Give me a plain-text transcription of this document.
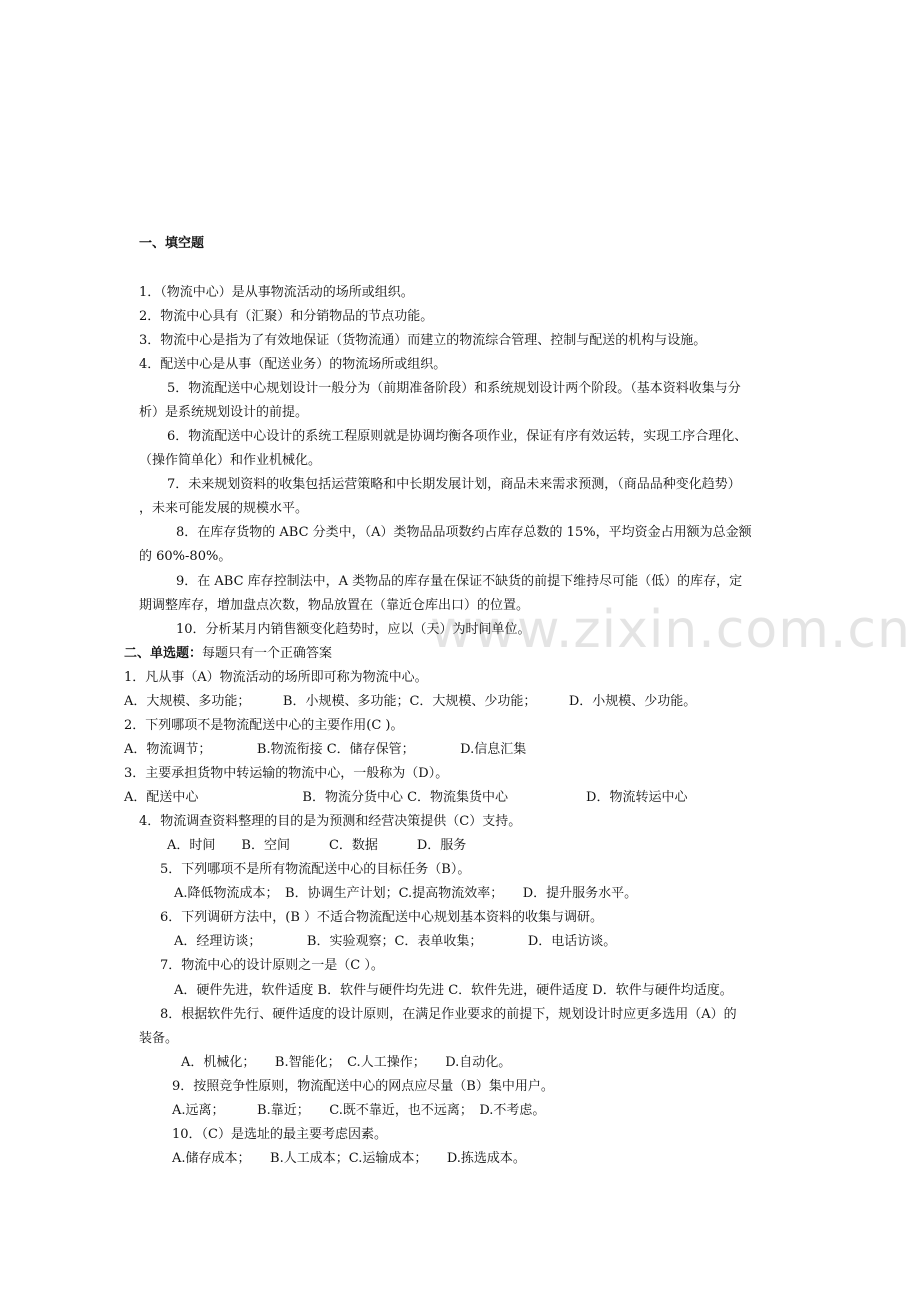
www.zixin.com.cn
一、填空题
1．（物流中心）是从事物流活动的场所或组织。
2．物流中心具有（汇聚）和分销物品的节点功能。
3．物流中心是指为了有效地保证（货物流通）而建立的物流综合管理、控制与配送的机构与设施。
4．配送中心是从事（配送业务）的物流场所或组织。
5．物流配送中心规划设计一般分为（前期准备阶段）和系统规划设计两个阶段。（基本资料收集与分
析）是系统规划设计的前提。
6．物流配送中心设计的系统工程原则就是协调均衡各项作业，保证有序有效运转，实现工序合理化、
（操作简单化）和作业机械化。
7．未来规划资料的收集包括运营策略和中长期发展计划，商品未来需求预测，（商品品种变化趋势）
，未来可能发展的规模水平。
8．在库存货物的 ABC 分类中，（A）类物品品项数约占库存总数的 15%，平均资金占用额为总金额
的 60%-80%。
9．在 ABC 库存控制法中，A 类物品的库存量在保证不缺货的前提下维持尽可能（低）的库存，定
期调整库存，增加盘点次数，物品放置在（靠近仓库出口）的位置。
10．分析某月内销售额变化趋势时，应以（天）为时间单位。
二、单选题：每题只有一个正确答案
1．凡从事（A）物流活动的场所即可称为物流中心。
A．大规模、多功能；　　　B．小规模、多功能；C．大规模、少功能；　　　D．小规模、少功能。
2．下列哪项不是物流配送中心的主要作用(C )。
A．物流调节；　　　　B.物流衔接 C．储存保管；　　　　D.信息汇集
3．主要承担货物中转运输的物流中心，一般称为（D）。
A．配送中心　　　　　　　　B．物流分货中心 C．物流集货中心　　　　　　D．物流转运中心
4．物流调查资料整理的目的是为预测和经营决策提供（C）支持。
A．时间　　B．空间　　　C．数据　　　D．服务
5．下列哪项不是所有物流配送中心的目标任务（B）。
A.降低物流成本；　B．协调生产计划；C.提高物流效率；　　D．提升服务水平。
6．下列调研方法中，(B ）不适合物流配送中心规划基本资料的收集与调研。
A．经理访谈；　　　　B．实验观察；C．表单收集；　　　　D．电话访谈。
7．物流中心的设计原则之一是（C ）。
A．硬件先进，软件适度 B．软件与硬件均先进 C．软件先进，硬件适度 D．软件与硬件均适度。
8．根据软件先行、硬件适度的设计原则，在满足作业要求的前提下，规划设计时应更多选用（A）的
装备。
A．机械化；　　B.智能化；　C.人工操作；　　D.自动化。
9．按照竞争性原则，物流配送中心的网点应尽量（B）集中用户。
A.远离；　　　B.靠近；　　C.既不靠近，也不远离；　D.不考虑。
10．（C）是选址的最主要考虑因素。
A.储存成本；　　B.人工成本；C.运输成本；　　D.拣选成本。
